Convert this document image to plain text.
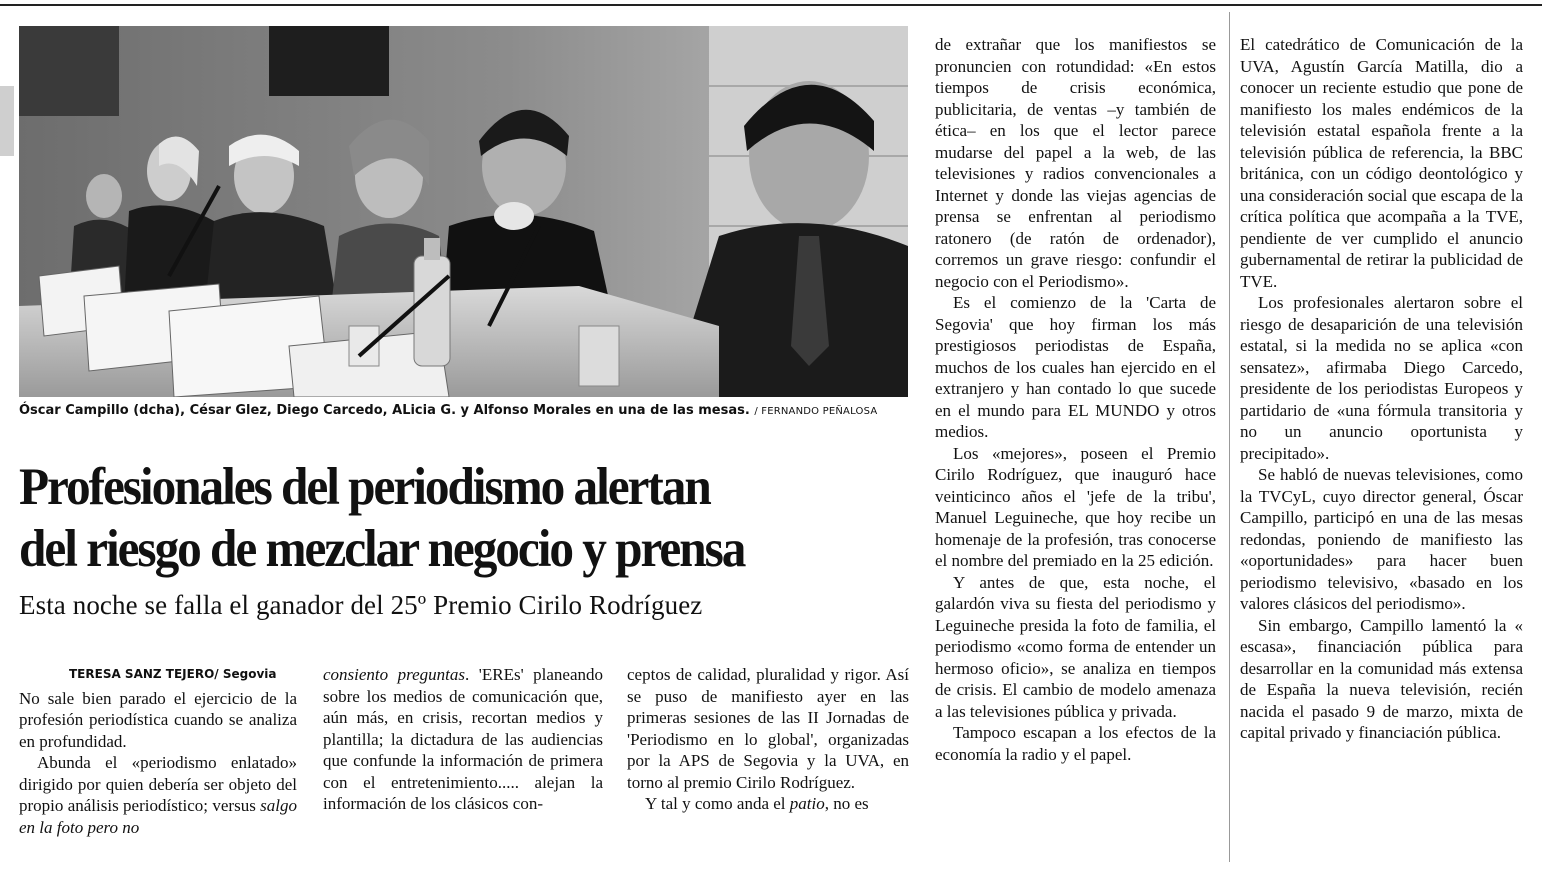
Óscar Campillo (dcha), César Glez, Diego Carcedo, ALicia G. y Alfonso Morales en una de las mesas. / FERNANDO PEÑALOSA
Profesionales del periodismo alertan
del riesgo de mezclar negocio y prensa
Esta noche se falla el ganador del 25º Premio Cirilo Rodríguez
TERESA SANZ TEJERO/ Segovia

No sale bien parado el ejercicio de la profesión periodística cuando se analiza en profundidad.

Abunda el «periodismo enlatado» dirigido por quien debería ser objeto del propio análisis periodístico; versus salgo en la foto pero no

consiento preguntas. 'EREs' planeando sobre los medios de comunicación que, aún más, en crisis, recortan medios y plantilla; la dictadura de las audiencias que confunde la información de primera con el entretenimiento..... alejan la información de los clásicos con-

ceptos de calidad, pluralidad y rigor. Así se puso de manifiesto ayer en las primeras sesiones de las II Jornadas de 'Periodismo en lo global', organizadas por la APS de Segovia y la UVA, en torno al premio Cirilo Rodríguez.

Y tal y como anda el patio, no es

de extrañar que los manifiestos se pronuncien con rotundidad: «En estos tiempos de crisis económica, publicitaria, de ventas –y también de ética– en los que el lector parece mudarse del papel a la web, de las televisiones y radios convencionales a Internet y donde las viejas agencias de prensa se enfrentan al periodismo ratonero (de ratón de ordenador), corremos un grave riesgo: confundir el negocio con el Periodismo».

Es el comienzo de la 'Carta de Segovia' que hoy firman los más prestigiosos periodistas de España, muchos de los cuales han ejercido en el extranjero y han contado lo que sucede en el mundo para EL MUNDO y otros medios.

Los «mejores», poseen el Premio Cirilo Rodríguez, que inauguró hace veinticinco años el 'jefe de la tribu', Manuel Leguineche, que hoy recibe un homenaje de la profesión, tras conocerse el nombre del premiado en la 25 edición.

Y antes de que, esta noche, el galardón viva su fiesta del periodismo y Leguineche presida la foto de familia, el periodismo «como forma de entender un hermoso oficio», se analiza en tiempos de crisis. El cambio de modelo amenaza a las televisiones pública y privada.

Tampoco escapan a los efectos de la economía la radio y el papel.

El catedrático de Comunicación de la UVA, Agustín García Matilla, dio a conocer un reciente estudio que pone de manifiesto los males endémicos de la televisión estatal española frente a la televisión pública de referencia, la BBC británica, con un código deontológico y una consideración social que escapa de la crítica política que acompaña a la TVE, pendiente de ver cumplido el anuncio gubernamental de retirar la publicidad de TVE.

Los profesionales alertaron sobre el riesgo de desaparición de una televisión estatal, si la medida no se aplica «con sensatez», afirmaba Diego Carcedo, presidente de los periodistas Europeos y partidario de «una fórmula transitoria y no un anuncio oportunista y precipitado».

Se habló de nuevas televisiones, como la TVCyL, cuyo director general, Óscar Campillo, participó en una de las mesas redondas, poniendo de manifiesto las «oportunidades» para hacer buen periodismo televisivo, «basado en los valores clásicos del periodismo».

Sin embargo, Campillo lamentó la « escasa», financiación pública para desarrollar en la comunidad más extensa de España la nueva televisión, recién nacida el pasado 9 de marzo, mixta de capital privado y financiación pública.
